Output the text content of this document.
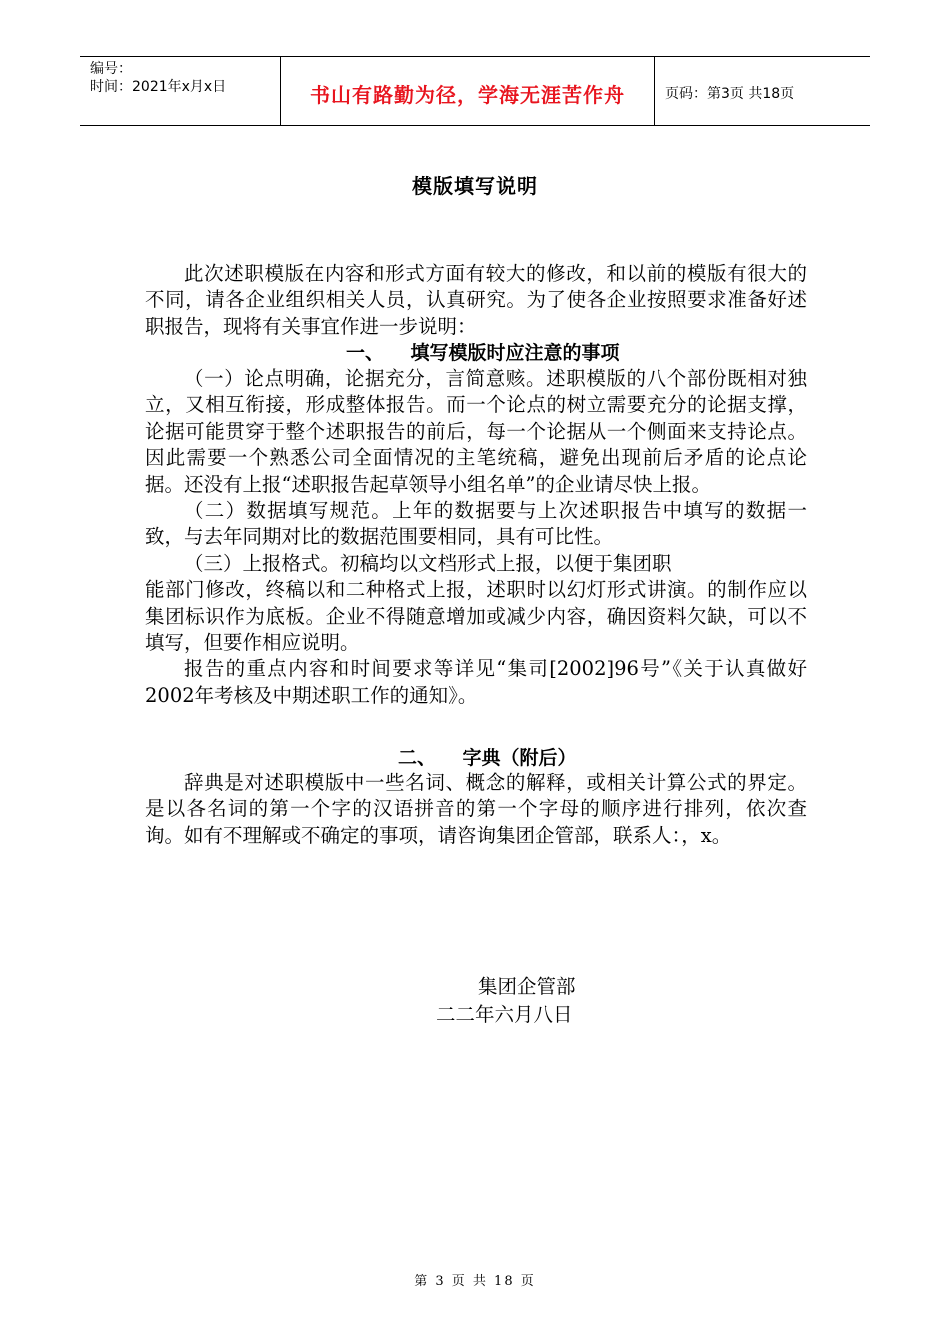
编号：
时间：2021年x月x日	书山有路勤为径，学海无涯苦作舟	页码：第3页 共18页
模版填写说明

此次述职模版在内容和形式方面有较大的修改，和以前的模版有很大的不同，请各企业组织相关人员，认真研究。为了使各企业按照要求准备好述职报告，现将有关事宜作进一步说明：

一、    填写模版时应注意的事项

（一）论点明确，论据充分，言简意赅。述职模版的八个部份既相对独立，又相互衔接，形成整体报告。而一个论点的树立需要充分的论据支撑，论据可能贯穿于整个述职报告的前后，每一个论据从一个侧面来支持论点。因此需要一个熟悉公司全面情况的主笔统稿，避免出现前后矛盾的论点论据。还没有上报“述职报告起草领导小组名单”的企业请尽快上报。

（二）数据填写规范。上年的数据要与上次述职报告中填写的数据一致，与去年同期对比的数据范围要相同，具有可比性。

（三）上报格式。初稿均以文档形式上报，以便于集团职

能部门修改，终稿以和二种格式上报，述职时以幻灯形式讲演。的制作应以集团标识作为底板。企业不得随意增加或减少内容，确因资料欠缺，可以不填写，但要作相应说明。

报告的重点内容和时间要求等详见“集司[2002]96号”《关于认真做好2002年考核及中期述职工作的通知》。

二、    字典（附后）

辞典是对述职模版中一些名词、概念的解释，或相关计算公式的界定。是以各名词的第一个字的汉语拼音的第一个字母的顺序进行排列，依次查询。如有不理解或不确定的事项，请咨询集团企管部，联系人：，x。

集团企管部
二二年六月八日
第 3 页 共 18 页
